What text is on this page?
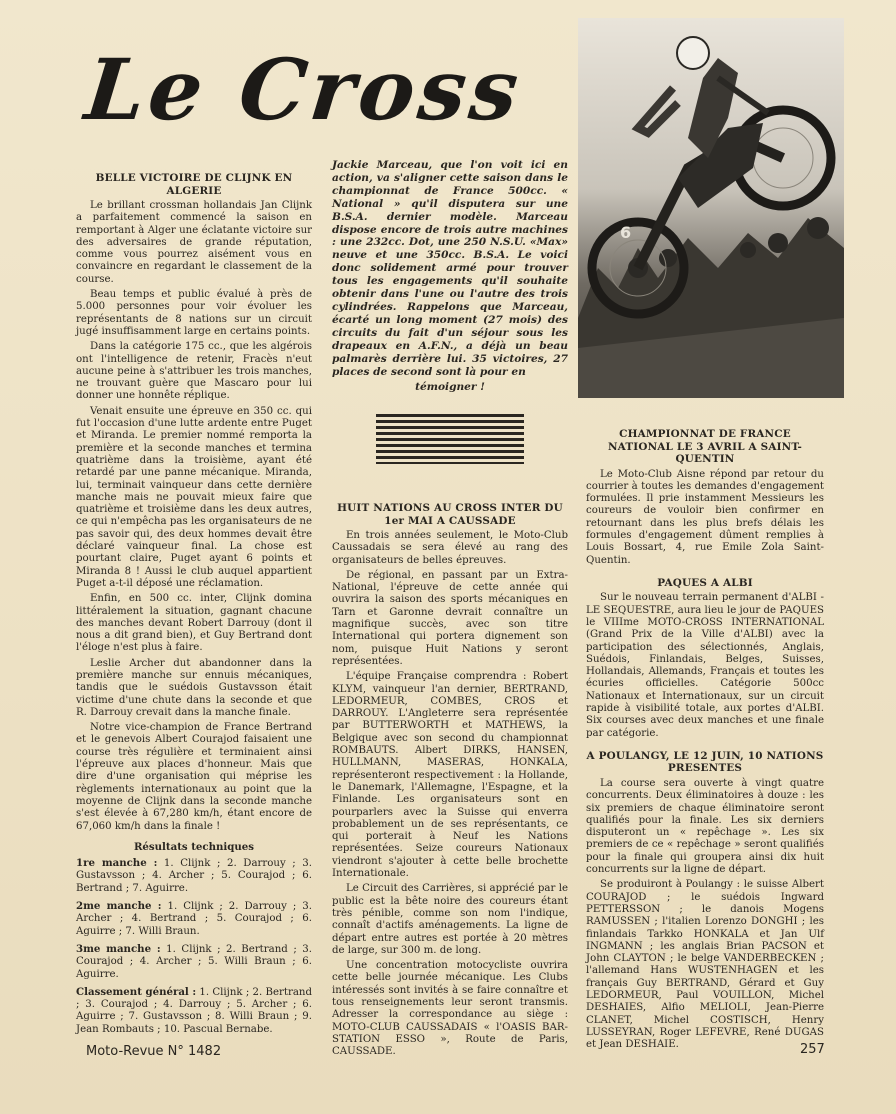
Le Cross
6

BELLE VICTOIRE DE CLIJNK EN ALGERIE

Le brillant crossman hollandais Jan Clijnk a parfaitement commencé la saison en remportant à Alger une éclatante victoire sur des adversaires de grande réputation, comme vous pourrez aisément vous en convaincre en regardant le classement de la course.

Beau temps et public évalué à près de 5.000 personnes pour voir évoluer les représentants de 8 nations sur un circuit jugé insuffisamment large en certains points.

Dans la catégorie 175 cc., que les algérois ont l'intelligence de retenir, Fracès n'eut aucune peine à s'attribuer les trois manches, ne trouvant guère que Mascaro pour lui donner une honnête réplique.

Venait ensuite une épreuve en 350 cc. qui fut l'occasion d'une lutte ardente entre Puget et Miranda. Le premier nommé remporta la première et la seconde manches et termina quatrième dans la troisième, ayant été retardé par une panne mécanique. Miranda, lui, terminait vainqueur dans cette dernière manche mais ne pouvait mieux faire que quatrième et troisième dans les deux autres, ce qui n'empêcha pas les organisateurs de ne pas savoir qui, des deux hommes devait être déclaré vainqueur final. La chose est pourtant claire, Puget ayant 6 points et Miranda 8 ! Aussi le club auquel appartient Puget a-t-il déposé une réclamation.

Enfin, en 500 cc. inter, Clijnk domina littéralement la situation, gagnant chacune des manches devant Robert Darrouy (dont il nous a dit grand bien), et Guy Bertrand dont l'éloge n'est plus à faire.

Leslie Archer dut abandonner dans la première manche sur ennuis mécaniques, tandis que le suédois Gustavsson était victime d'une chute dans la seconde et que R. Darrouy crevait dans la manche finale.

Notre vice-champion de France Bertrand et le genevois Albert Courajod faisaient une course très régulière et terminaient ainsi l'épreuve aux places d'honneur. Mais que dire d'une organisation qui méprise les règlements internationaux au point que la moyenne de Clijnk dans la seconde manche s'est élevée à 67,280 km/h, étant encore de 67,060 km/h dans la finale !

Résultats techniques

1re manche : 1. Clijnk ; 2. Darrouy ; 3. Gustavsson ; 4. Archer ; 5. Courajod ; 6. Bertrand ; 7. Aguirre.

2me manche : 1. Clijnk ; 2. Darrouy ; 3. Archer ; 4. Bertrand ; 5. Courajod ; 6. Aguirre ; 7. Willi Braun.

3me manche : 1. Clijnk ; 2. Bertrand ; 3. Courajod ; 4. Archer ; 5. Willi Braun ; 6. Aguirre.

Classement général : 1. Clijnk ; 2. Bertrand ; 3. Courajod ; 4. Darrouy ; 5. Archer ; 6. Aguirre ; 7. Gustavsson ; 8. Willi Braun ; 9. Jean Rombauts ; 10. Pascual Bernabe.

Jackie Marceau, que l'on voit ici en action, va s'aligner cette saison dans le championnat de France 500cc. « National » qu'il disputera sur une B.S.A. dernier modèle. Marceau dispose encore de trois autre machines : une 232cc. Dot, une 250 N.S.U. «Max» neuve et une 350cc. B.S.A. Le voici donc solidement armé pour trouver tous les engagements qu'il souhaite obtenir dans l'une ou l'autre des trois cylindrées. Rappelons que Marceau, écarté un long moment (27 mois) des circuits du fait d'un séjour sous les drapeaux en A.F.N., a déjà un beau palmarès derrière lui. 35 victoires, 27 places de second sont là pour en

témoigner !

HUIT NATIONS AU CROSS INTER DU 1er MAI A CAUSSADE

En trois années seulement, le Moto-Club Caussadais se sera élevé au rang des organisateurs de belles épreuves.

De régional, en passant par un Extra-National, l'épreuve de cette année qui ouvrira la saison des sports mécaniques en Tarn et Garonne devrait connaître un magnifique succès, avec son titre International qui portera dignement son nom, puisque Huit Nations y seront représentées.

L'équipe Française comprendra : Robert KLYM, vainqueur l'an dernier, BERTRAND, LEDORMEUR, COMBES, CROS et DARROUY. L'Angleterre sera représentée par BUTTERWORTH et MATHEWS, la Belgique avec son second du championnat ROMBAUTS. Albert DIRKS, HANSEN, HULLMANN, MASERAS, HONKALA, représenteront respectivement : la Hollande, le Danemark, l'Allemagne, l'Espagne, et la Finlande. Les organisateurs sont en pourparlers avec la Suisse qui enverra probablement un de ses représentants, ce qui porterait à Neuf les Nations représentées. Seize coureurs Nationaux viendront s'ajouter à cette belle brochette Internationale.

Le Circuit des Carrières, si apprécié par le public est la bête noire des coureurs étant très pénible, comme son nom l'indique, connaît d'actifs aménagements. La ligne de départ entre autres est portée à 20 mètres de large, sur 300 m. de long.

Une concentration motocycliste ouvrira cette belle journée mécanique. Les Clubs intéressés sont invités à se faire connaître et tous renseignements leur seront transmis. Adresser la correspondance au siège : MOTO-CLUB CAUSSADAIS « l'OASIS BAR-STATION ESSO », Route de Paris, CAUSSADE.

CHAMPIONNAT DE FRANCE NATIONAL LE 3 AVRIL A SAINT-QUENTIN

Le Moto-Club Aisne répond par retour du courrier à toutes les demandes d'engagement formulées. Il prie instamment Messieurs les coureurs de vouloir bien confirmer en retournant dans les plus brefs délais les formules d'engagement dûment remplies à Louis Bossart, 4, rue Emile Zola Saint-Quentin.

PAQUES A ALBI

Sur le nouveau terrain permanent d'ALBI - LE SEQUESTRE, aura lieu le jour de PAQUES le VIIIme MOTO-CROSS INTERNATIONAL (Grand Prix de la Ville d'ALBI) avec la participation des sélectionnés, Anglais, Suédois, Finlandais, Belges, Suisses, Hollandais, Allemands, Français et toutes les écuries officielles. Catégorie 500cc Nationaux et Internationaux, sur un circuit rapide à visibilité totale, aux portes d'ALBI. Six courses avec deux manches et une finale par catégorie.

A POULANGY, LE 12 JUIN, 10 NATIONS PRESENTES

La course sera ouverte à vingt quatre concurrents. Deux éliminatoires à douze : les six premiers de chaque éliminatoire seront qualifiés pour la finale. Les six derniers disputeront un « repêchage ». Les six premiers de ce « repêchage » seront qualifiés pour la finale qui groupera ainsi dix huit concurrents sur la ligne de départ.

Se produiront à Poulangy : le suisse Albert COURAJOD ; le suédois Ingward PETTERSSON ; le danois Mogens RAMUSSEN ; l'italien Lorenzo DONGHI ; les finlandais Tarkko HONKALA et Jan Ulf INGMANN ; les anglais Brian PACSON et John CLAYTON ; le belge VANDERBECKEN ; l'allemand Hans WUSTENHAGEN et les français Guy BERTRAND, Gérard et Guy LEDORMEUR, Paul VOUILLON, Michel DESHAIES, Alfio MELIOLI, Jean-Pierre CLANET, Michel COSTISCH, Henry LUSSEYRAN, Roger LEFEVRE, René DUGAS et Jean DESHAIE.

Moto-Revue N° 1482	257
